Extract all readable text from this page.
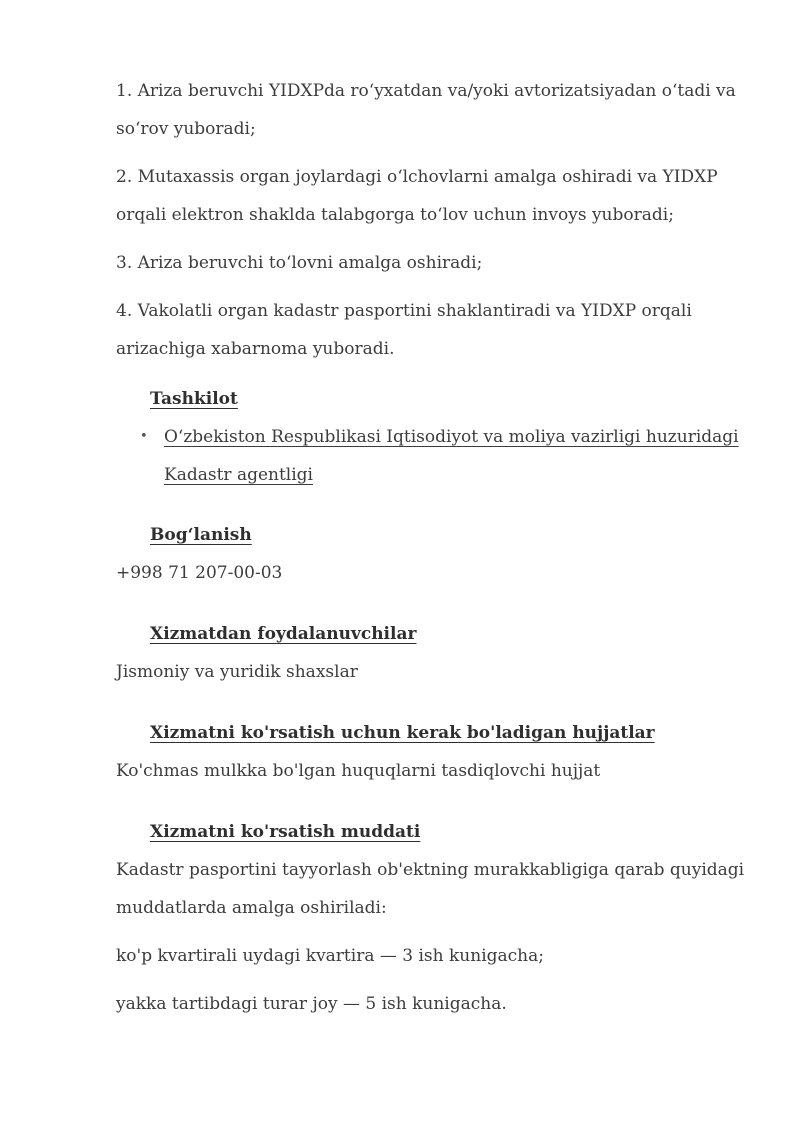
1. Ariza beruvchi YIDXPda roʻyxatdan va/yoki avtorizatsiyadan oʻtadi va soʻrov yuboradi;

2. Mutaxassis organ joylardagi oʻlchovlarni amalga oshiradi va YIDXP orqali elektron shaklda talabgorga toʻlov uchun invoys yuboradi;

3. Ariza beruvchi toʻlovni amalga oshiradi;

4. Vakolatli organ kadastr pasportini shaklantiradi va YIDXP orqali arizachiga xabarnoma yuboradi.

Tashkilot

• Oʻzbekiston Respublikasi Iqtisodiyot va moliya vazirligi huzuridagi Kadastr agentligi

Bogʻlanish

+998 71 207-00-03

Xizmatdan foydalanuvchilar

Jismoniy va yuridik shaxslar

Xizmatni ko'rsatish uchun kerak bo'ladigan hujjatlar

Ko'chmas mulkka bo'lgan huquqlarni tasdiqlovchi hujjat

Xizmatni ko'rsatish muddati

Kadastr pasportini tayyorlash ob'ektning murakkabligiga qarab quyidagi muddatlarda amalga oshiriladi:

ko'p kvartirali uydagi kvartira — 3 ish kunigacha;

yakka tartibdagi turar joy — 5 ish kunigacha.
